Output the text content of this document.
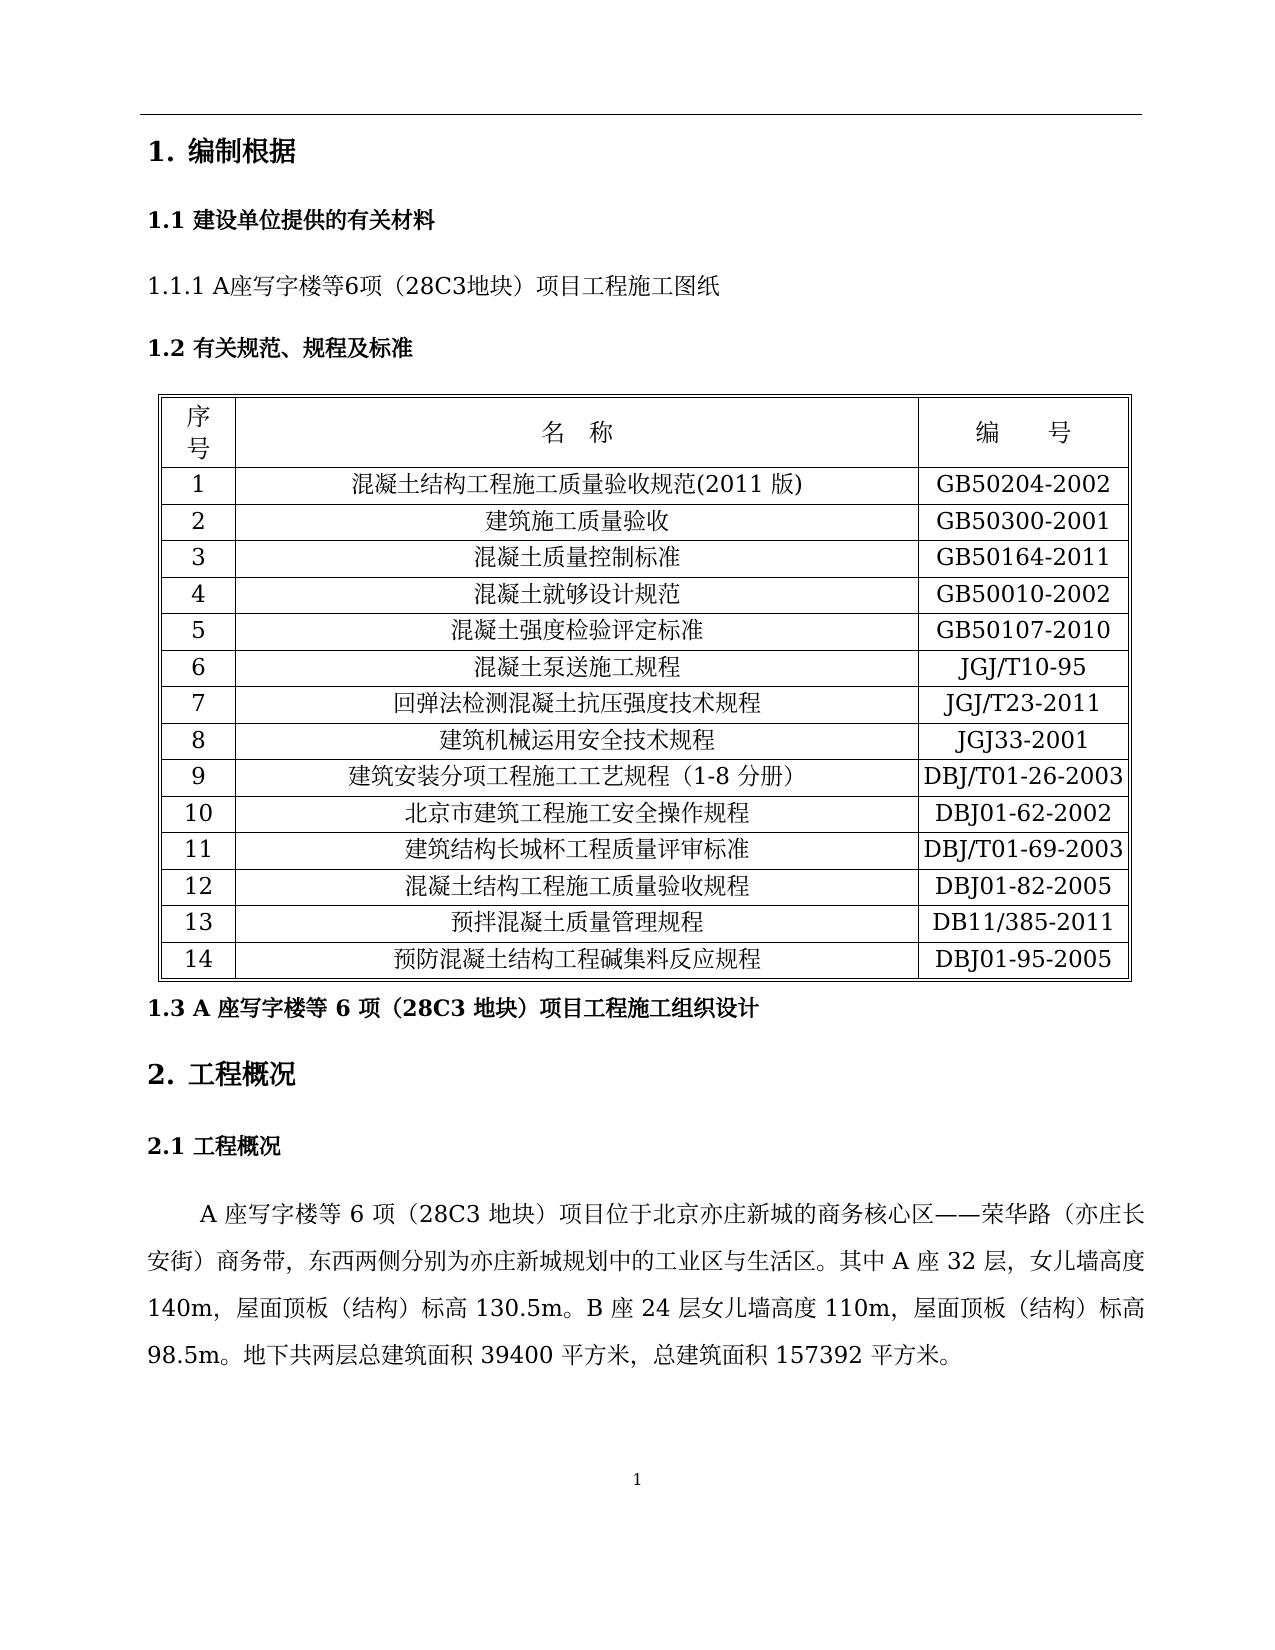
1. 编制根据
1.1 建设单位提供的有关材料
1.1.1 A座写字楼等6项（28C3地块）项目工程施工图纸
1.2 有关规范、规程及标准
序号	名　称	编　　号
1	混凝土结构工程施工质量验收规范(2011 版)	GB50204-2002
2	建筑施工质量验收	GB50300-2001
3	混凝土质量控制标准	GB50164-2011
4	混凝土就够设计规范	GB50010-2002
5	混凝土强度检验评定标准	GB50107-2010
6	混凝土泵送施工规程	JGJ/T10-95
7	回弹法检测混凝土抗压强度技术规程	JGJ/T23-2011
8	建筑机械运用安全技术规程	JGJ33-2001
9	建筑安装分项工程施工工艺规程（1-8 分册）	DBJ/T01-26-2003
10	北京市建筑工程施工安全操作规程	DBJ01-62-2002
11	建筑结构长城杯工程质量评审标准	DBJ/T01-69-2003
12	混凝土结构工程施工质量验收规程	DBJ01-82-2005
13	预拌混凝土质量管理规程	DB11/385-2011
14	预防混凝土结构工程碱集料反应规程	DBJ01-95-2005
1.3 A 座写字楼等 6 项（28C3 地块）项目工程施工组织设计
2. 工程概况
2.1 工程概况
A 座写字楼等 6 项（28C3 地块）项目位于北京亦庄新城的商务核心区——荣华路（亦庄长安街）商务带，东西两侧分别为亦庄新城规划中的工业区与生活区。其中 A 座 32 层，女儿墙高度 140m，屋面顶板（结构）标高 130.5m。B 座 24 层女儿墙高度 110m，屋面顶板（结构）标高 98.5m。地下共两层总建筑面积 39400 平方米，总建筑面积 157392 平方米。
1
